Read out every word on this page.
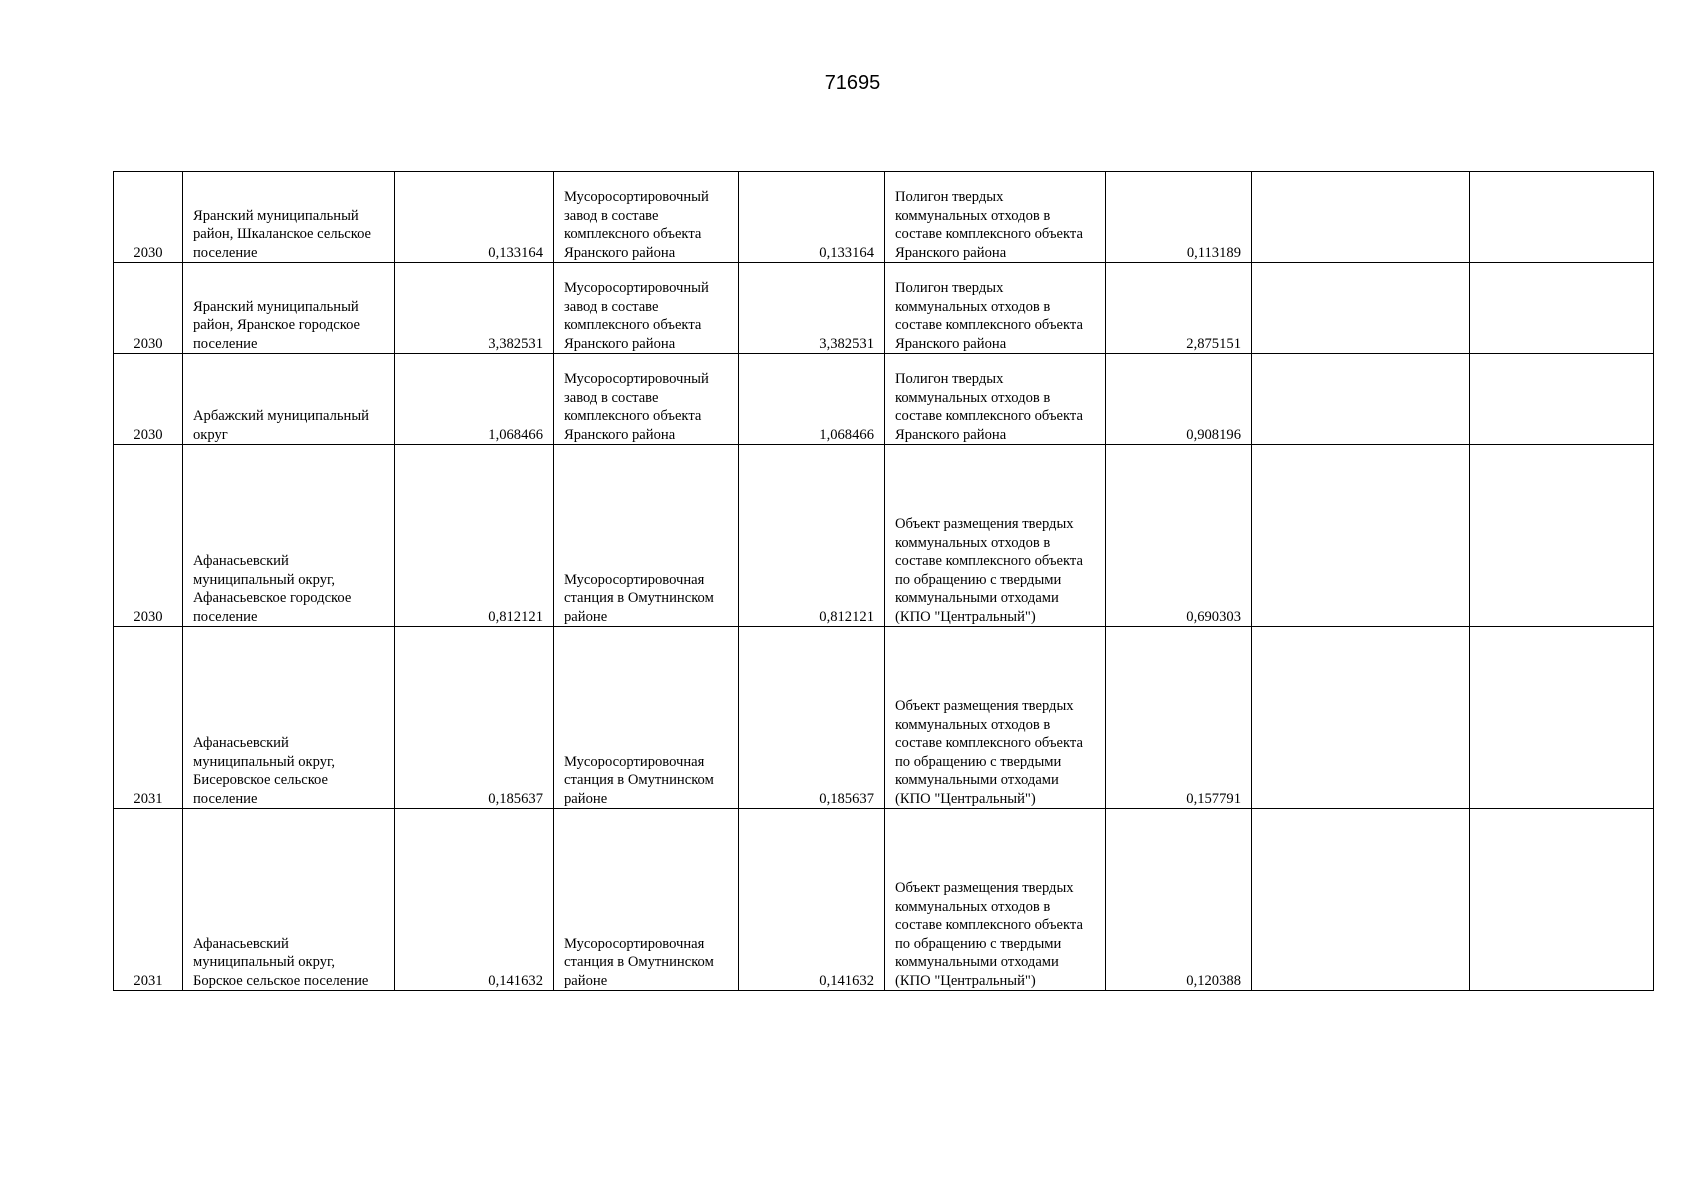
71695
2030	Яранский муниципальный район, Шкаланское сельское поселение	0,133164	Мусоросортировочный завод в составе комплексного объекта Яранского района	0,133164	Полигон твердых коммунальных отходов в составе комплексного объекта Яранского района	0,113189		
2030	Яранский муниципальный район, Яранское городское поселение	3,382531	Мусоросортировочный завод в составе комплексного объекта Яранского района	3,382531	Полигон твердых коммунальных отходов в составе комплексного объекта Яранского района	2,875151		
2030	Арбажский муниципальный округ	1,068466	Мусоросортировочный завод в составе комплексного объекта Яранского района	1,068466	Полигон твердых коммунальных отходов в составе комплексного объекта Яранского района	0,908196		
2030	Афанасьевский муниципальный округ, Афанасьевское городское поселение	0,812121	Мусоросортировочная станция в Омутнинском районе	0,812121	Объект размещения твердых коммунальных отходов в составе комплексного объекта по обращению с твердыми коммунальными отходами (КПО "Центральный")	0,690303		
2031	Афанасьевский муниципальный округ, Бисеровское сельское поселение	0,185637	Мусоросортировочная станция в Омутнинском районе	0,185637	Объект размещения твердых коммунальных отходов в составе комплексного объекта по обращению с твердыми коммунальными отходами (КПО "Центральный")	0,157791		
2031	Афанасьевский муниципальный округ, Борское сельское поселение	0,141632	Мусоросортировочная станция в Омутнинском районе	0,141632	Объект размещения твердых коммунальных отходов в составе комплексного объекта по обращению с твердыми коммунальными отходами (КПО "Центральный")	0,120388		
